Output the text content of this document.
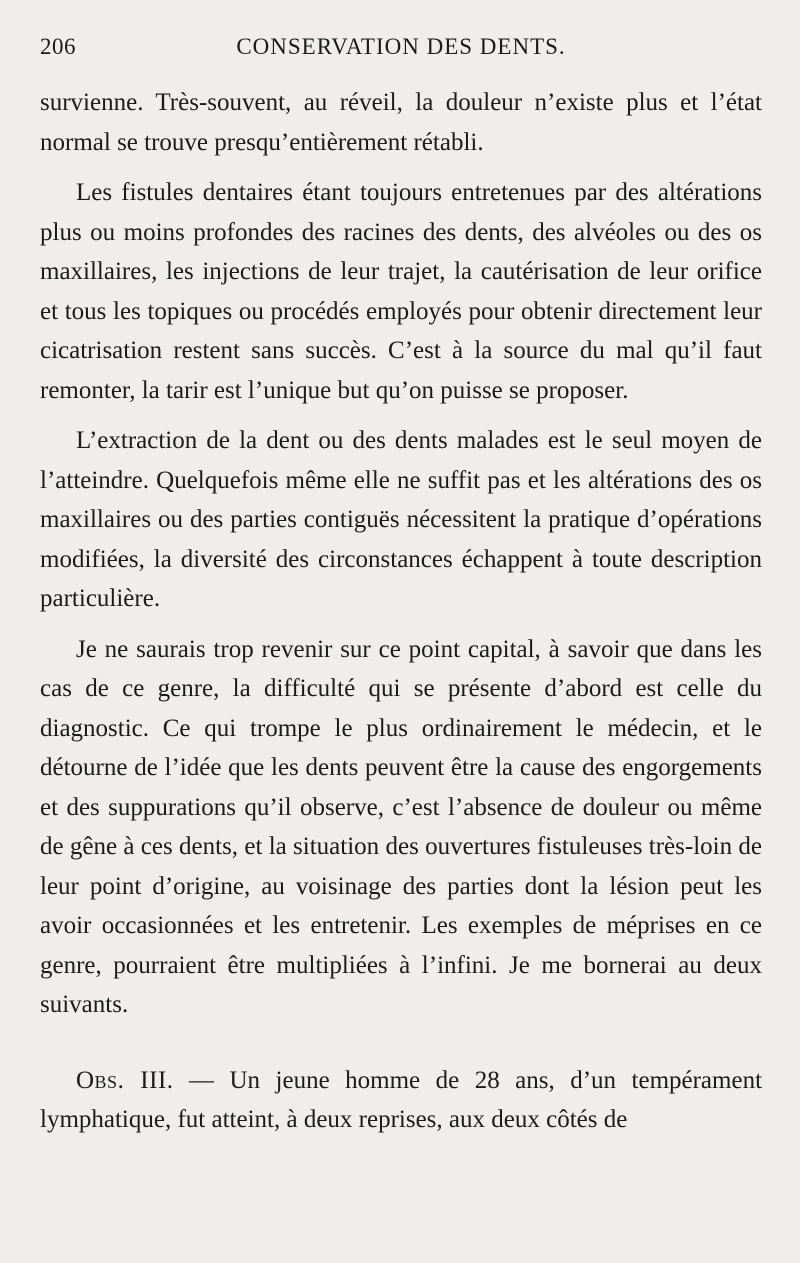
206	CONSERVATION DES DENTS.

survienne. Très-souvent, au réveil, la douleur n’existe plus et l’état normal se trouve presqu’entièrement rétabli.

Les fistules dentaires étant toujours entretenues par des altérations plus ou moins profondes des racines des dents, des alvéoles ou des os maxillaires, les injections de leur trajet, la cautérisation de leur orifice et tous les topiques ou procédés employés pour obtenir directement leur cicatrisation restent sans succès. C’est à la source du mal qu’il faut remonter, la tarir est l’unique but qu’on puisse se proposer.

L’extraction de la dent ou des dents malades est le seul moyen de l’atteindre. Quelquefois même elle ne suffit pas et les altérations des os maxillaires ou des parties contiguës nécessitent la pratique d’opérations modifiées, la diversité des circonstances échappent à toute description particulière.

Je ne saurais trop revenir sur ce point capital, à savoir que dans les cas de ce genre, la difficulté qui se présente d’abord est celle du diagnostic. Ce qui trompe le plus ordinairement le médecin, et le détourne de l’idée que les dents peuvent être la cause des engorgements et des suppurations qu’il observe, c’est l’absence de douleur ou même de gêne à ces dents, et la situation des ouvertures fistuleuses très-loin de leur point d’origine, au voisinage des parties dont la lésion peut les avoir occasionnées et les entretenir. Les exemples de méprises en ce genre, pourraient être multipliées à l’infini. Je me bornerai au deux suivants.

Obs. III. — Un jeune homme de 28 ans, d’un tempérament lymphatique, fut atteint, à deux reprises, aux deux côtés de
